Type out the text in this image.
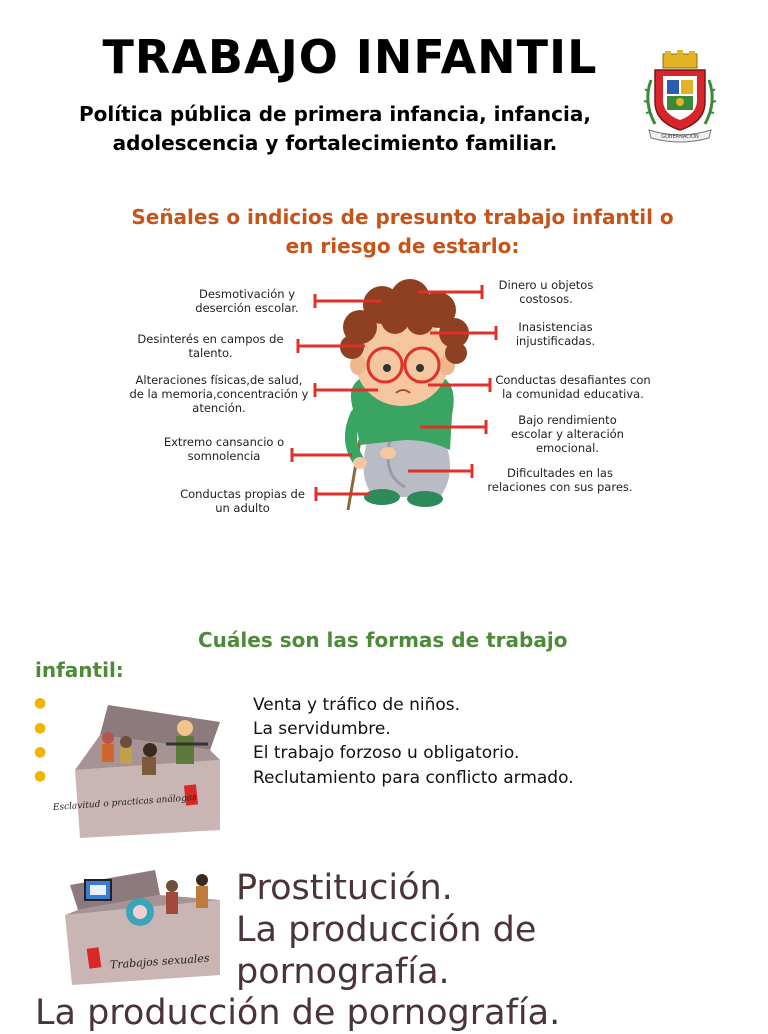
TRABAJO INFANTIL
Política pública de primera infancia, infancia,
adolescencia y fortalecimiento familiar.	GOBERNACIÓN
Señales o indicios de presunto trabajo infantil o
en riesgo de estarlo:
Desmotivación y
deserción escolar.
Desinterés en campos de
talento.
Alteraciones físicas,de salud,
de la memoria,concentración y
atención.
Extremo cansancio o
somnolencia
Conductas propias de
un adulto
Dinero u objetos
costosos.
Inasistencias
injustificadas.
Conductas desafiantes con
la comunidad educativa.
Bajo rendimiento
escolar y alteración
emocional.
Dificultades en las
relaciones con sus pares.
Cuáles son las formas de trabajo
infantil:
●
●
●
●
Venta y tráfico de niños.
La servidumbre.
El trabajo forzoso u obligatorio.
Reclutamiento para conflicto armado.
Esclavitud o practicas análogas
Trabajos sexuales
Prostitución.
La producción de
pornografía.
La producción de pornografía.
